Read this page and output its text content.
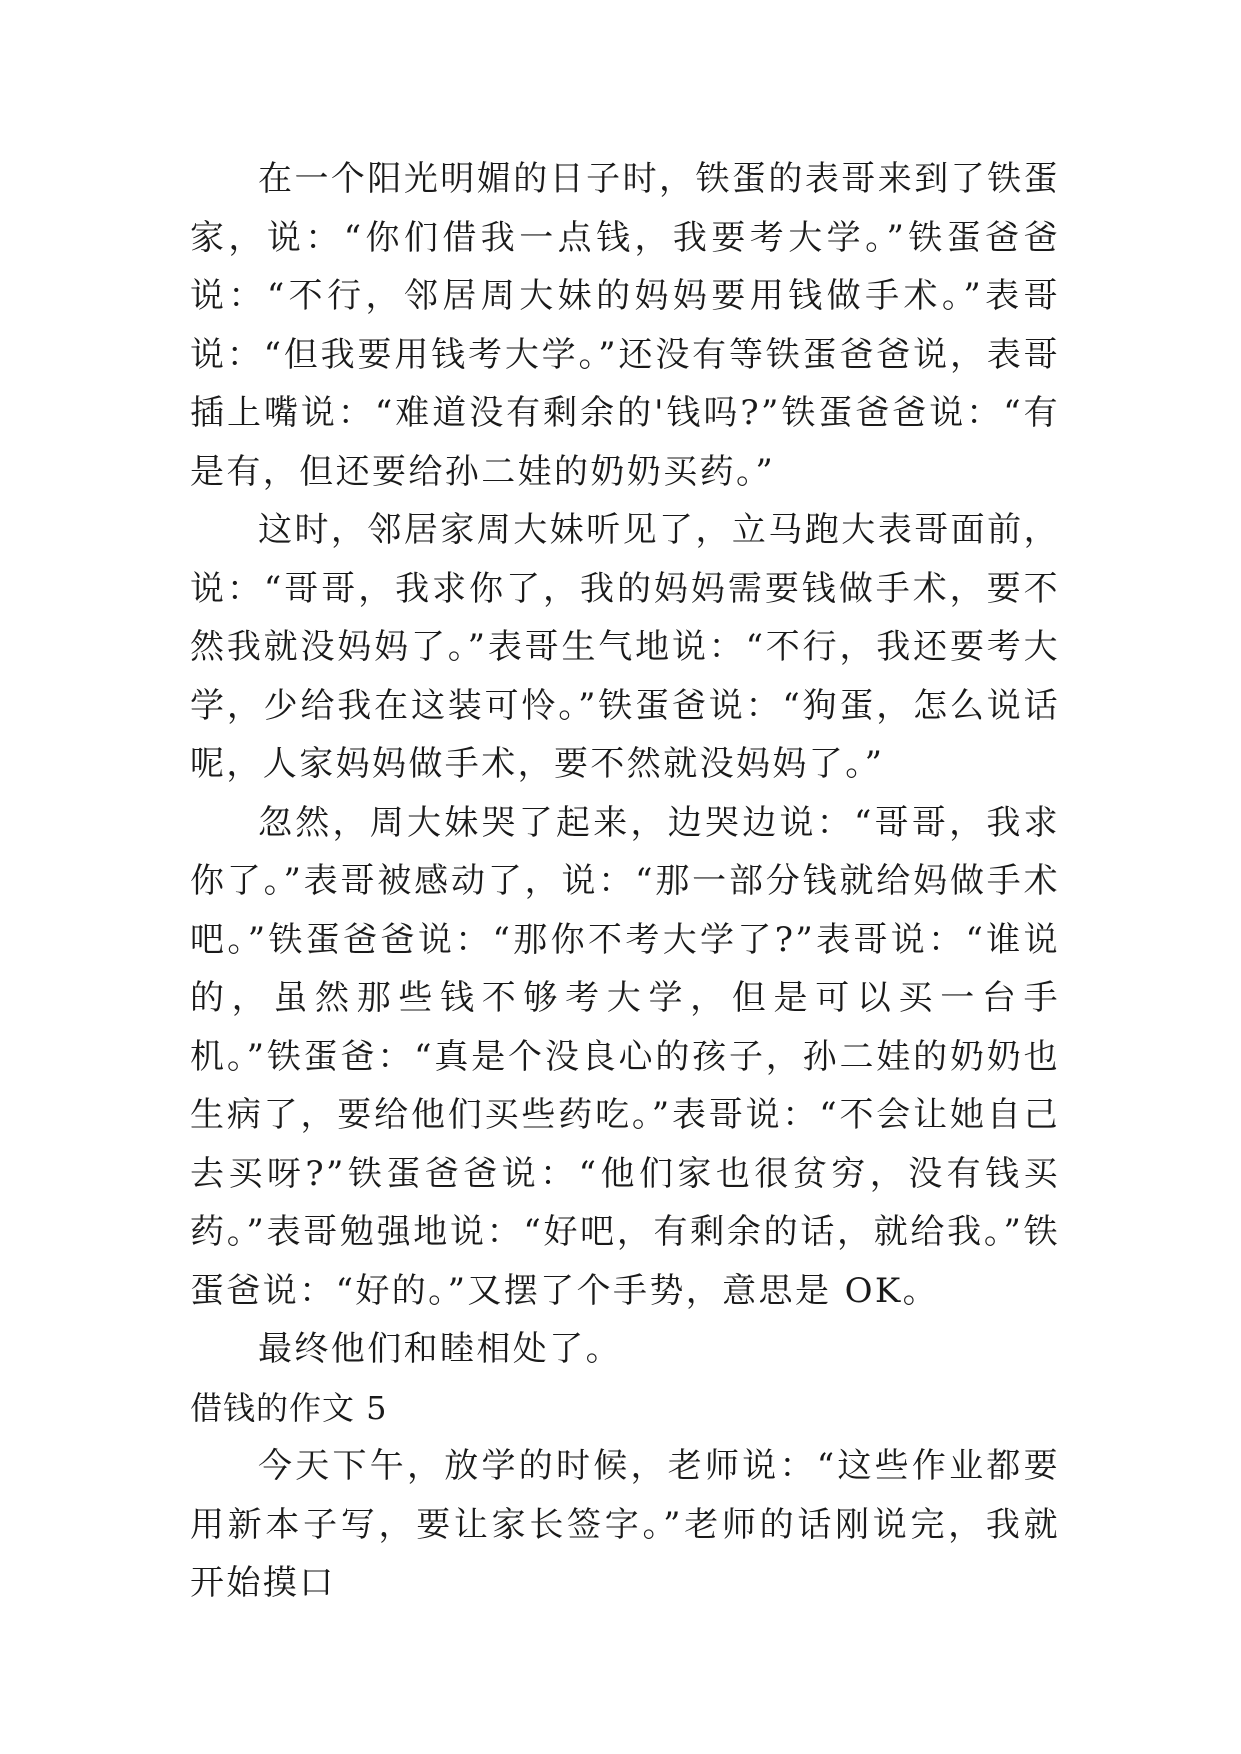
在一个阳光明媚的日子时，铁蛋的表哥来到了铁蛋家，说：“你们借我一点钱，我要考大学。”铁蛋爸爸说：“不行，邻居周大妹的妈妈要用钱做手术。”表哥说：“但我要用钱考大学。”还没有等铁蛋爸爸说，表哥插上嘴说：“难道没有剩余的'钱吗?”铁蛋爸爸说：“有是有，但还要给孙二娃的奶奶买药。”

这时，邻居家周大妹听见了，立马跑大表哥面前，说：“哥哥，我求你了，我的妈妈需要钱做手术，要不然我就没妈妈了。”表哥生气地说：“不行，我还要考大学，少给我在这装可怜。”铁蛋爸说：“狗蛋，怎么说话呢，人家妈妈做手术，要不然就没妈妈了。”

忽然，周大妹哭了起来，边哭边说：“哥哥，我求你了。”表哥被感动了，说：“那一部分钱就给妈做手术吧。”铁蛋爸爸说：“那你不考大学了?”表哥说：“谁说的，虽然那些钱不够考大学，但是可以买一台手机。”铁蛋爸：“真是个没良心的孩子，孙二娃的奶奶也生病了，要给他们买些药吃。”表哥说：“不会让她自己去买呀?”铁蛋爸爸说：“他们家也很贫穷，没有钱买药。”表哥勉强地说：“好吧，有剩余的话，就给我。”铁蛋爸说：“好的。”又摆了个手势，意思是 OK。

最终他们和睦相处了。

借钱的作文 5

今天下午，放学的时候，老师说：“这些作业都要用新本子写，要让家长签字。”老师的话刚说完，我就开始摸口
